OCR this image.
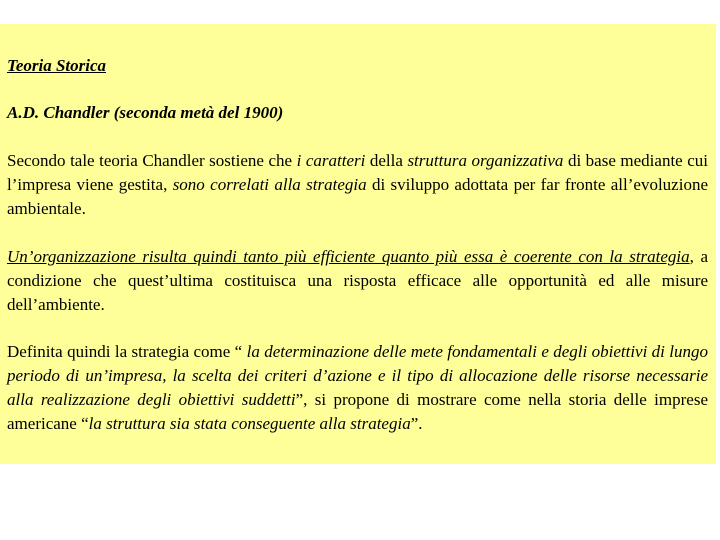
Teoria Storica

A.D. Chandler (seconda metà del 1900)

Secondo tale teoria Chandler sostiene che i caratteri della struttura organizzativa di base mediante cui l’impresa viene gestita, sono correlati alla strategia di sviluppo adottata per far fronte all’evoluzione ambientale.

Un’organizzazione risulta quindi tanto più efficiente quanto più essa è coerente con la strategia, a condizione che quest’ultima costituisca una risposta efficace alle opportunità ed alle misure dell’ambiente.

Definita quindi la strategia come “ la determinazione delle mete fondamentali e degli obiettivi di lungo periodo di un’impresa, la scelta dei criteri d’azione e il tipo di allocazione delle risorse necessarie alla realizzazione degli obiettivi suddetti”, si propone di mostrare come nella storia delle imprese americane “la struttura sia stata conseguente alla strategia”.
